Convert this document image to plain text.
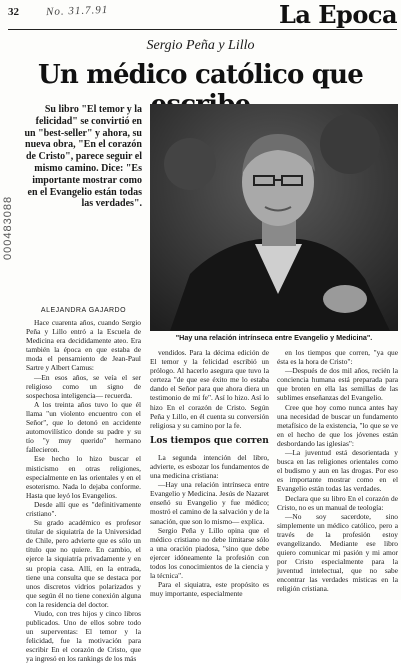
32 No. 31.7.91	La Epoca
Sergio Peña y Lillo
Un médico católico que
000483088
Su libro "El temor y la felicidad" se convirtió en un "best-seller" y ahora, su nueva obra, "En el corazón de Cristo", parece seguir el mismo camino. Dice: "Es importante mostrar como en el Evangelio están todas las verdades".
"Hay una relación intrínseca entre Evangelio y Medicina".
ALEJANDRA GAJARDO

Hace cuarenta años, cuando Sergio Peña y Lillo entró a la Escuela de Medicina era decididamente ateo. Era también la época en que estaba de moda el pensamiento de Jean-Paul Sartre y Albert Camus:

—En esos años, se veía el ser religioso como un signo de sospechosa inteligencia— recuerda.

A los treinta años tuvo lo que él llama "un violento encuentro con el Señor", que lo detonó en accidente automovilístico donde su padre y su tío "y muy querido" hermano fallecieron.

Ese hecho lo hizo buscar el misticismo en otras religiones, especialmente en las orientales y en el esoterismo. Nada lo dejaba conforme. Hasta que leyó los Evangelios.

Desde allí que es "definitivamente cristiano".

Su grado académico es profesor titular de siquiatría de la Universidad de Chile, pero advierte que es sólo un título que no quiere. En cambio, el ejerce la siquiatría privadamente y en su propia casa. Allí, en la entrada, tiene una consulta que se destaca por unos discretos vidrios polarizados y que según él no tiene conexión alguna con la residencia del doctor.

Viudo, con tres hijos y cinco libros publicados. Uno de ellos sobre todo un superventas: El temor y la felicidad, fue la motivación para escribir En el corazón de Cristo, que ya ingresó en los rankings de los más

vendidos. Para la décima edición de El temor y la felicidad escribió un prólogo. Al hacerlo asegura que tuvo la certeza "de que ese éxito me lo estaba dando el Señor para que ahora diera un testimonio de mí fe". Así lo hizo. Así lo hizo En el corazón de Cristo. Según Peña y Lillo, en él cuenta su conversión religiosa y su camino por la fe.

Los tiempos que corren

La segunda intención del libro, advierte, es esbozar los fundamentos de una medicina cristiana:

—Hay una relación intrínseca entre Evangelio y Medicina. Jesús de Nazaret enseñó su Evangelio y fue médico; mostró el camino de la salvación y de la sanación, que son lo mismo— explica.

Sergio Peña y Lillo opina que el médico cristiano no debe limitarse sólo a una oración piadosa, "sino que debe ejercer idóneamente la profesión con todos los conocimientos de la ciencia y la técnica".

Para el siquiatra, este propósito es muy importante, especialmente

en los tiempos que corren, "ya que ésta es la hora de Cristo":

—Después de dos mil años, recién la conciencia humana está preparada para que broten en ella las semillas de las sublimes enseñanzas del Evangelio.

Cree que hoy como nunca antes hay una necesidad de buscar un fundamento metafísico de la existencia, "lo que se ve en el hecho de que los jóvenes están desbordando las iglesias":

—La juventud está desorientada y busca en las religiones orientales como el budismo y aun en las drogas. Por eso es importante mostrar como en el Evangelio están todas las verdades.

Declara que su libro En el corazón de Cristo, no es un manual de teología:

—No soy sacerdote, sino simplemente un médico católico, pero a través de la profesión estoy evangelizando. Mediante ese libro quiero comunicar mi pasión y mi amor por Cristo especialmente para la juventud intelectual, que no sabe encontrar las verdades místicas en la religión cristiana.
